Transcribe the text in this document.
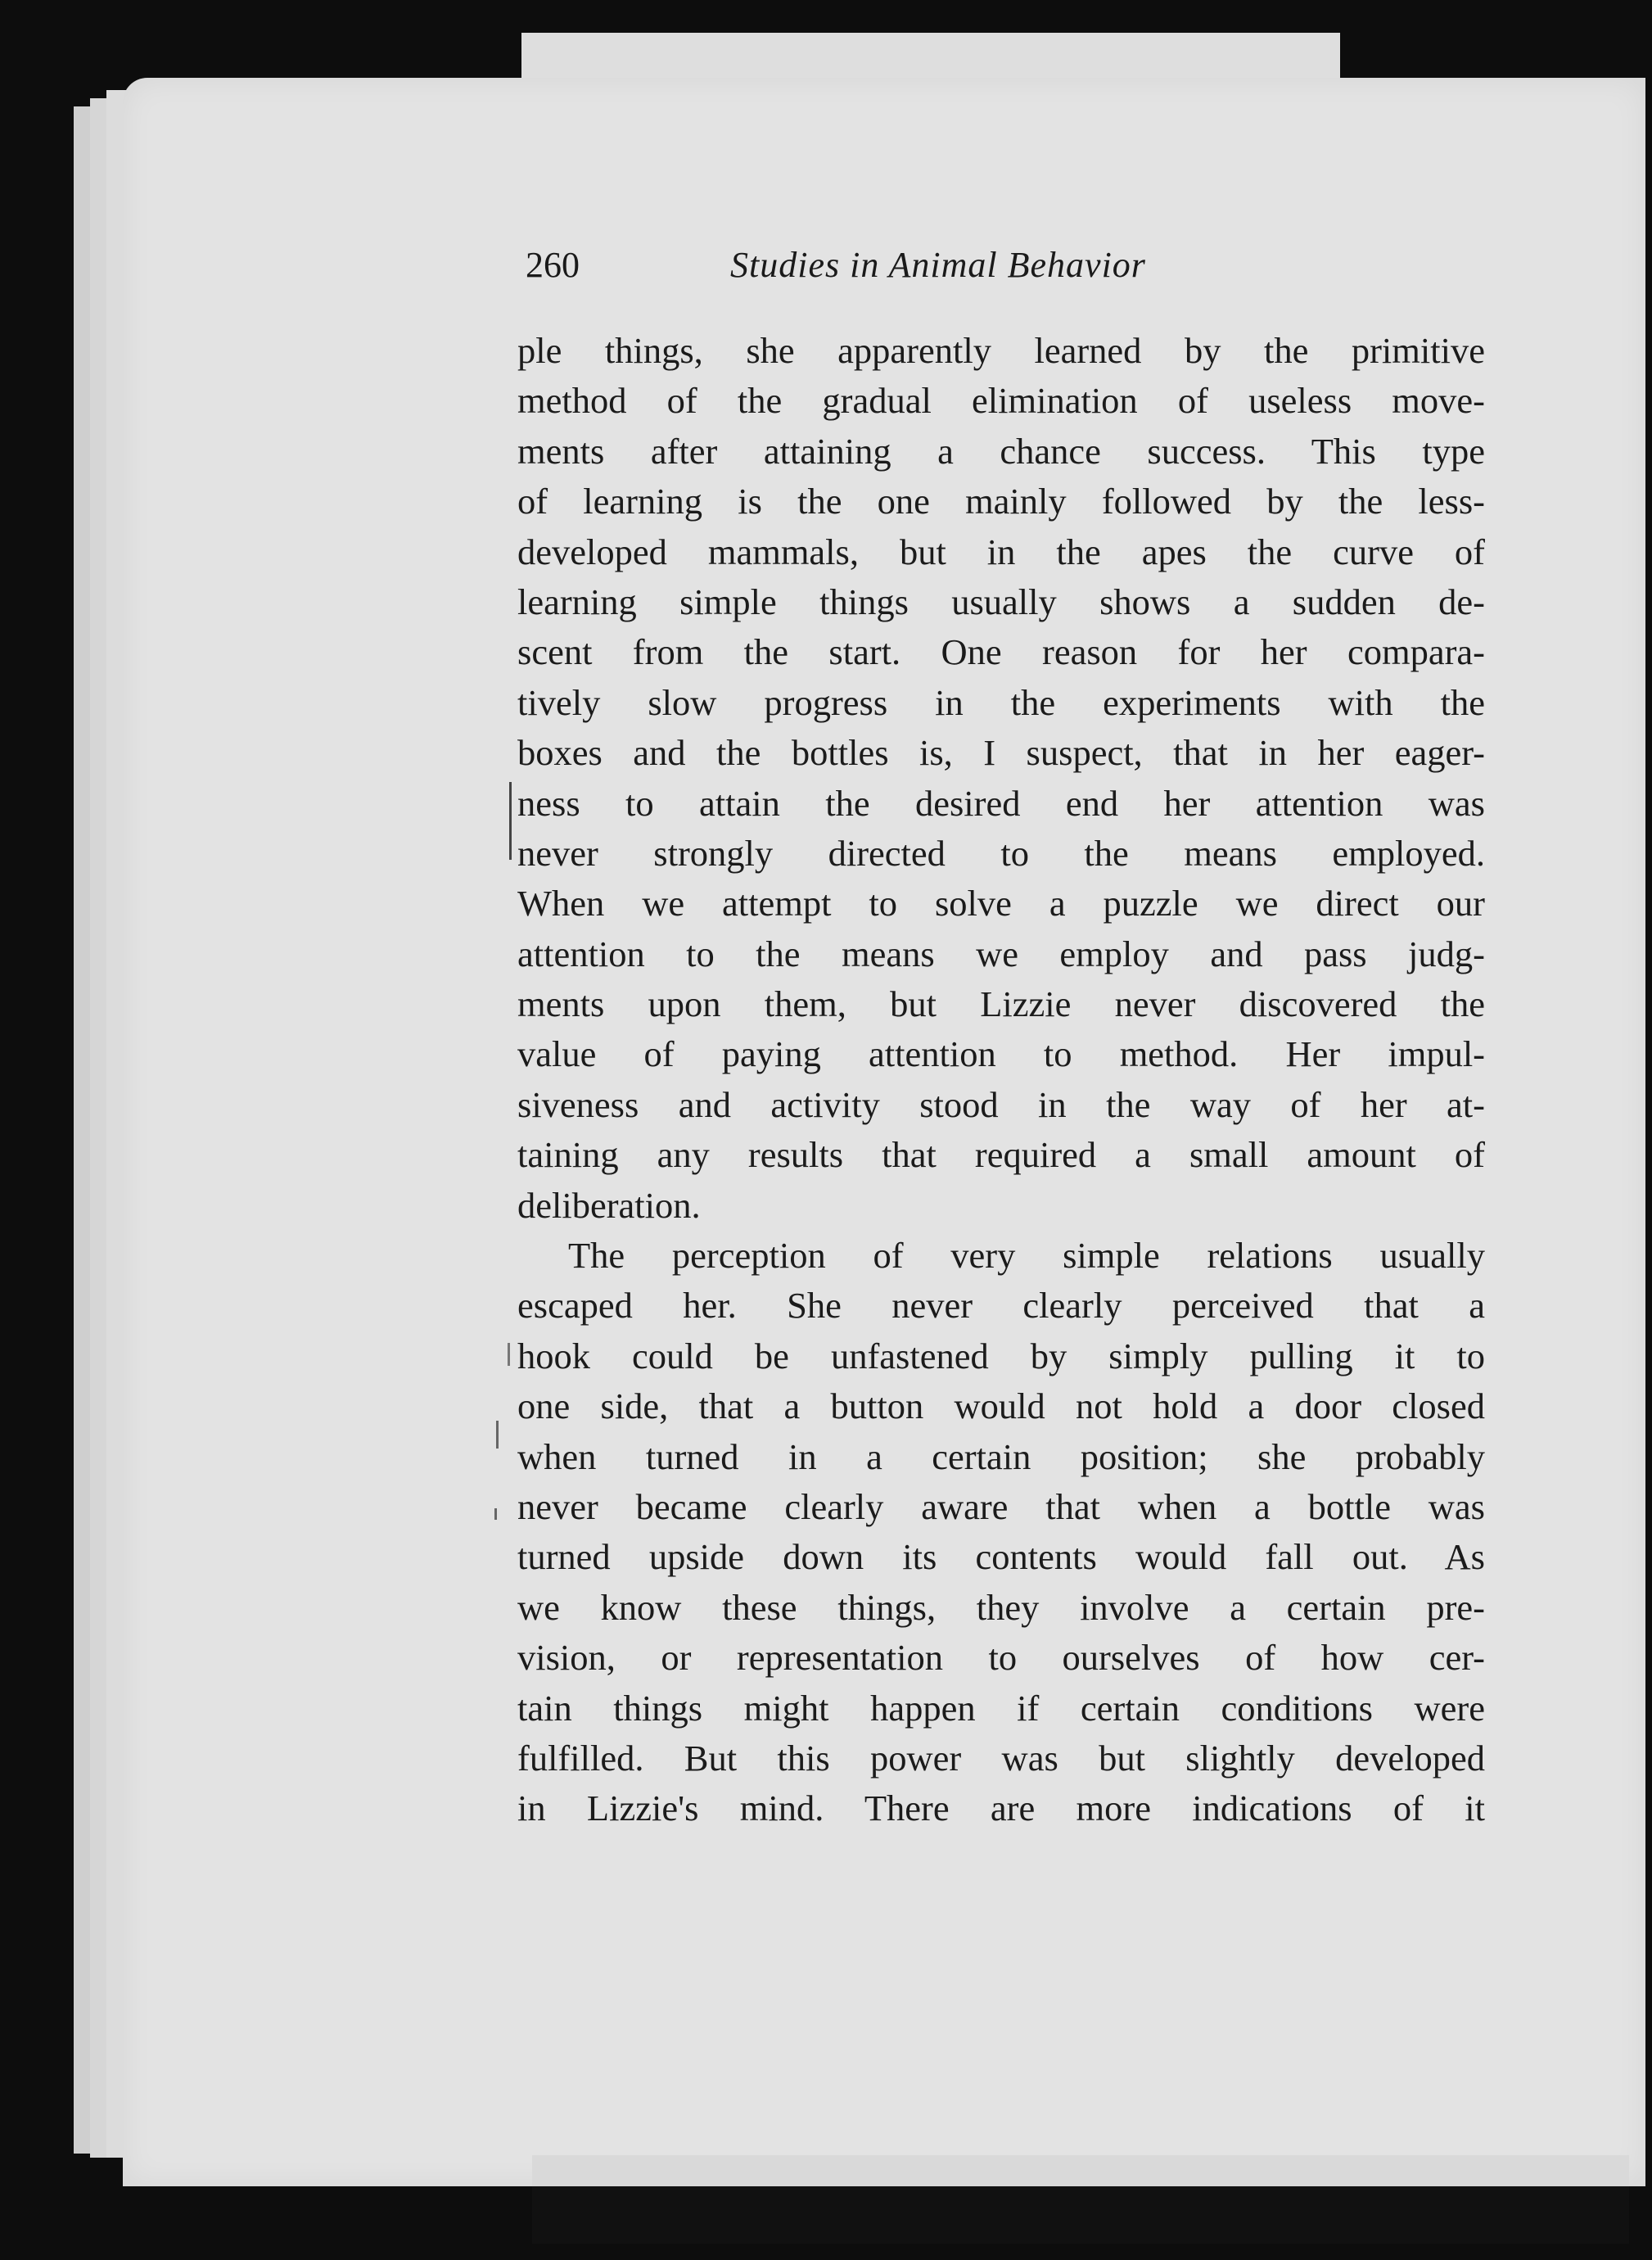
260	Studies in Animal Behavior
ple things, she apparently learned by the primitive
method of the gradual elimination of useless move-
ments after attaining a chance success. This type
of learning is the one mainly followed by the less-
developed mammals, but in the apes the curve of
learning simple things usually shows a sudden de-
scent from the start. One reason for her compara-
tively slow progress in the experiments with the
boxes and the bottles is, I suspect, that in her eager-
ness to attain the desired end her attention was
never strongly directed to the means employed.
When we attempt to solve a puzzle we direct our
attention to the means we employ and pass judg-
ments upon them, but Lizzie never discovered the
value of paying attention to method. Her impul-
siveness and activity stood in the way of her at-
taining any results that required a small amount of
deliberation.
The perception of very simple relations usually
escaped her. She never clearly perceived that a
hook could be unfastened by simply pulling it to
one side, that a button would not hold a door closed
when turned in a certain position; she probably
never became clearly aware that when a bottle was
turned upside down its contents would fall out. As
we know these things, they involve a certain pre-
vision, or representation to ourselves of how cer-
tain things might happen if certain conditions were
fulfilled. But this power was but slightly developed
in Lizzie's mind. There are more indications of it
